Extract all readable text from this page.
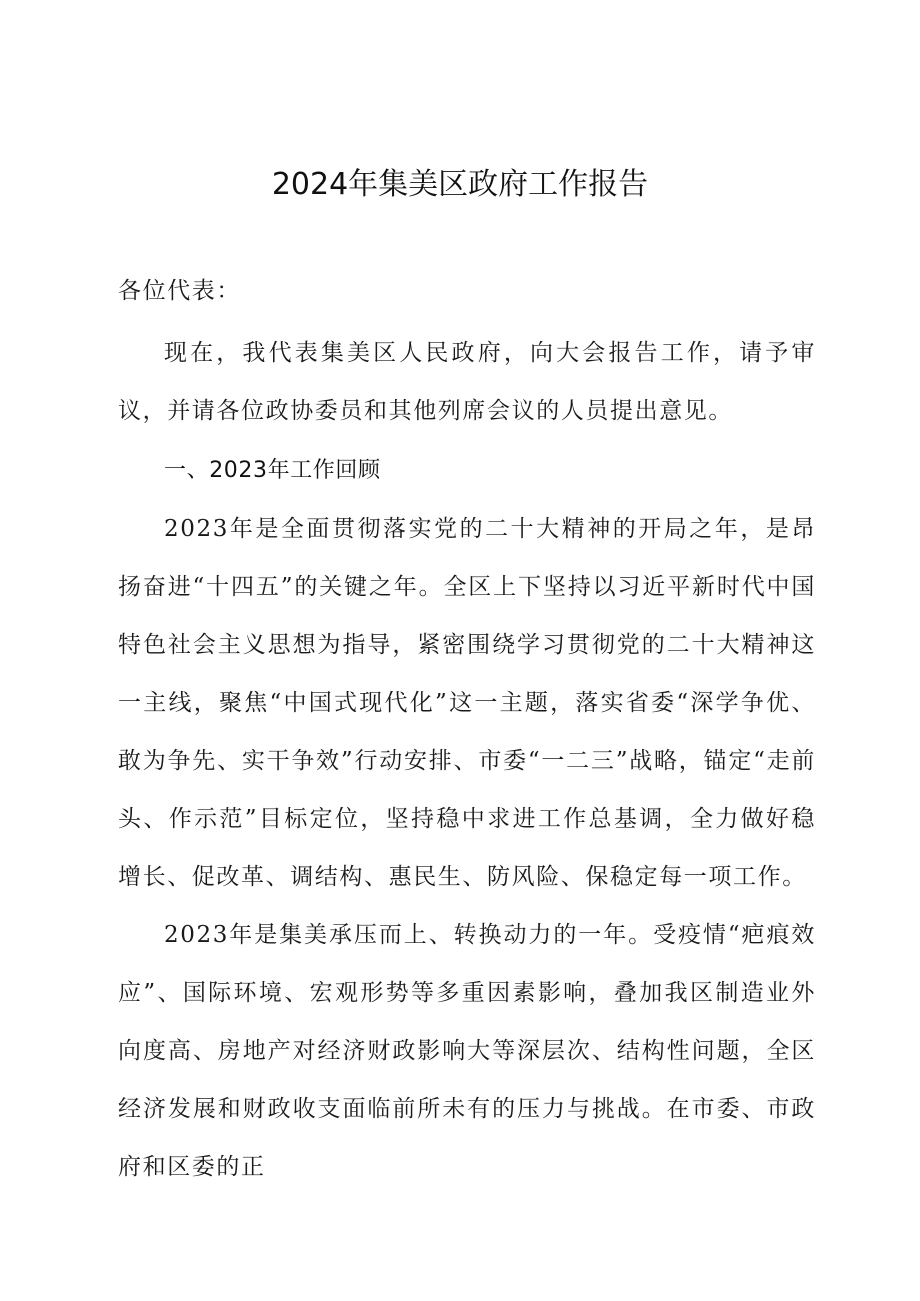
2024年集美区政府工作报告

各位代表：

现在，我代表集美区人民政府，向大会报告工作，请予审议，并请各位政协委员和其他列席会议的人员提出意见。

一、2023年工作回顾

2023年是全面贯彻落实党的二十大精神的开局之年，是昂扬奋进“十四五”的关键之年。全区上下坚持以习近平新时代中国特色社会主义思想为指导，紧密围绕学习贯彻党的二十大精神这一主线，聚焦“中国式现代化”这一主题，落实省委“深学争优、敢为争先、实干争效”行动安排、市委“一二三”战略，锚定“走前头、作示范”目标定位，坚持稳中求进工作总基调，全力做好稳增长、促改革、调结构、惠民生、防风险、保稳定每一项工作。

2023年是集美承压而上、转换动力的一年。受疫情“疤痕效应”、国际环境、宏观形势等多重因素影响，叠加我区制造业外向度高、房地产对经济财政影响大等深层次、结构性问题，全区经济发展和财政收支面临前所未有的压力与挑战。在市委、市政府和区委的正
